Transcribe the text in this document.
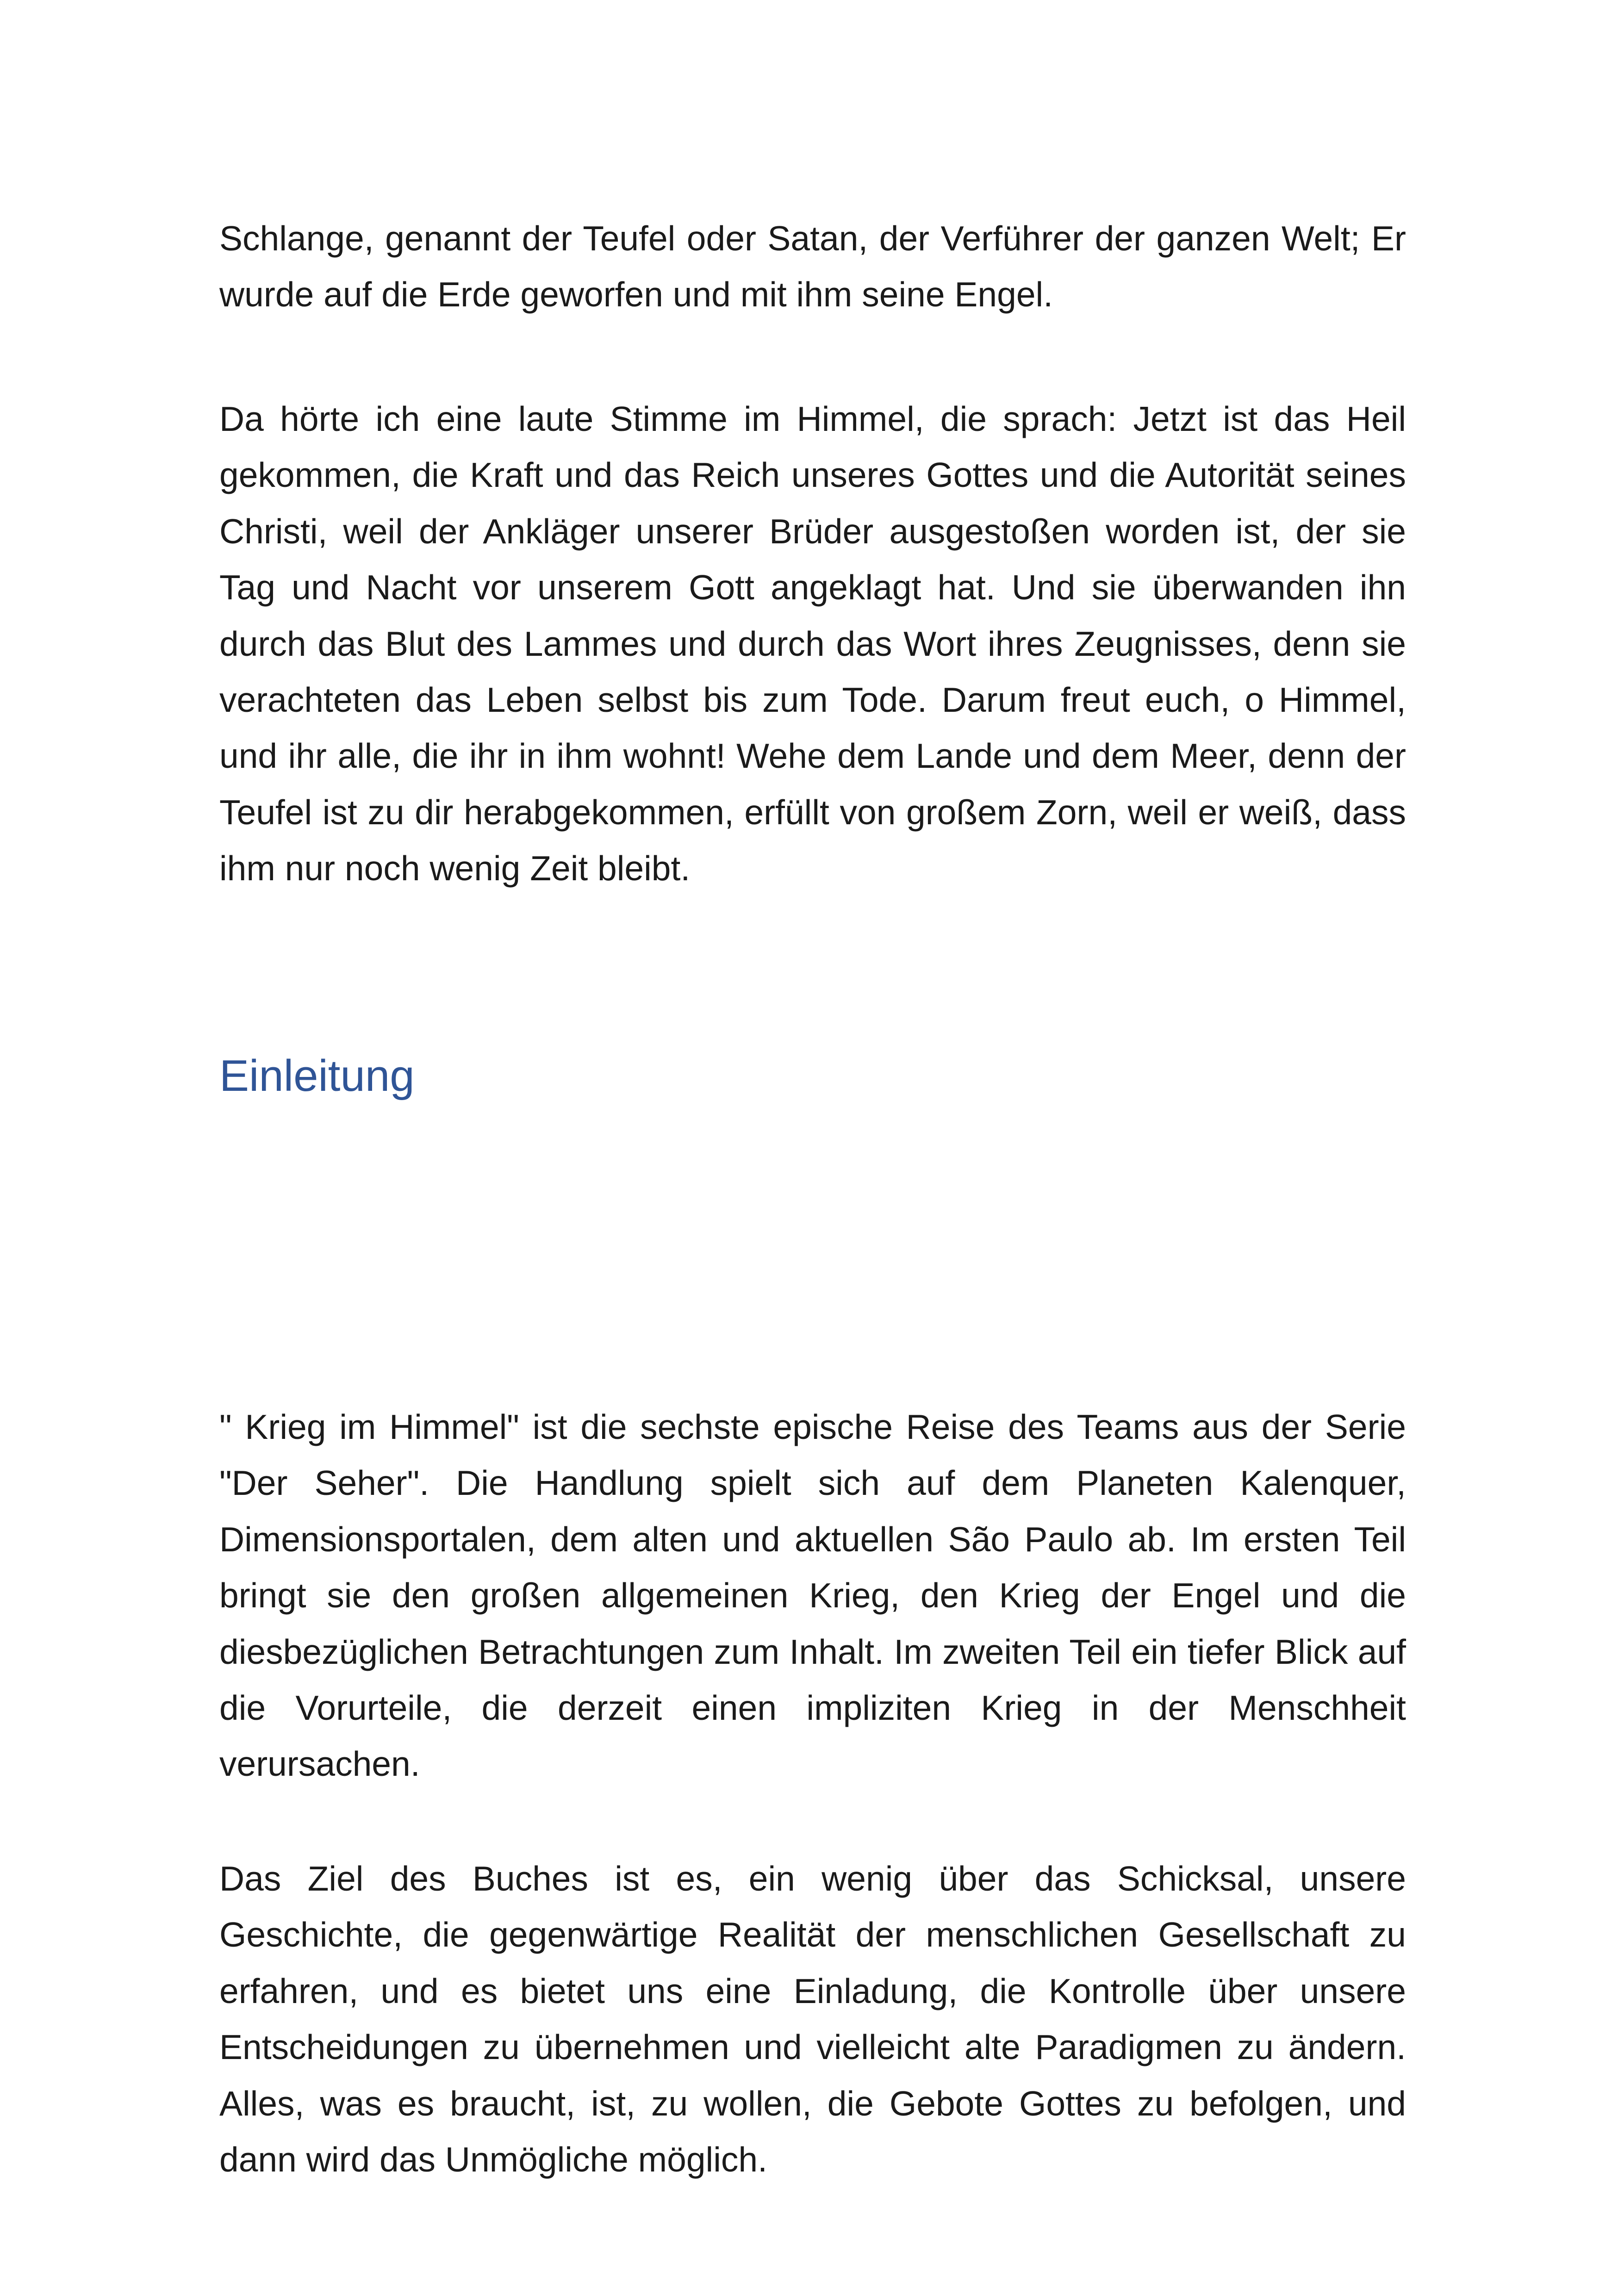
Schlange, genannt der Teufel oder Satan, der Verführer der ganzen Welt; Er wurde auf die Erde geworfen und mit ihm seine Engel.

Da hörte ich eine laute Stimme im Himmel, die sprach: Jetzt ist das Heil gekommen, die Kraft und das Reich unseres Gottes und die Autorität seines Christi, weil der Ankläger unserer Brüder ausgestoßen worden ist, der sie Tag und Nacht vor unserem Gott angeklagt hat. Und sie überwanden ihn durch das Blut des Lammes und durch das Wort ihres Zeugnisses, denn sie verachteten das Leben selbst bis zum Tode. Darum freut euch, o Himmel, und ihr alle, die ihr in ihm wohnt! Wehe dem Lande und dem Meer, denn der Teufel ist zu dir herabgekommen, erfüllt von großem Zorn, weil er weiß, dass ihm nur noch wenig Zeit bleibt.

Einleitung

" Krieg im Himmel" ist die sechste epische Reise des Teams aus der Serie "Der Seher". Die Handlung spielt sich auf dem Planeten Kalenquer, Dimensionsportalen, dem alten und aktuellen São Paulo ab. Im ersten Teil bringt sie den großen allgemeinen Krieg, den Krieg der Engel und die diesbezüglichen Betrachtungen zum Inhalt. Im zweiten Teil ein tiefer Blick auf die Vorurteile, die derzeit einen impliziten Krieg in der Menschheit verursachen.

Das Ziel des Buches ist es, ein wenig über das Schicksal, unsere Geschichte, die gegenwärtige Realität der menschlichen Gesellschaft zu erfahren, und es bietet uns eine Einladung, die Kontrolle über unsere Entscheidungen zu übernehmen und vielleicht alte Paradigmen zu ändern. Alles, was es braucht, ist, zu wollen, die Gebote Gottes zu befolgen, und dann wird das Unmögliche möglich.
